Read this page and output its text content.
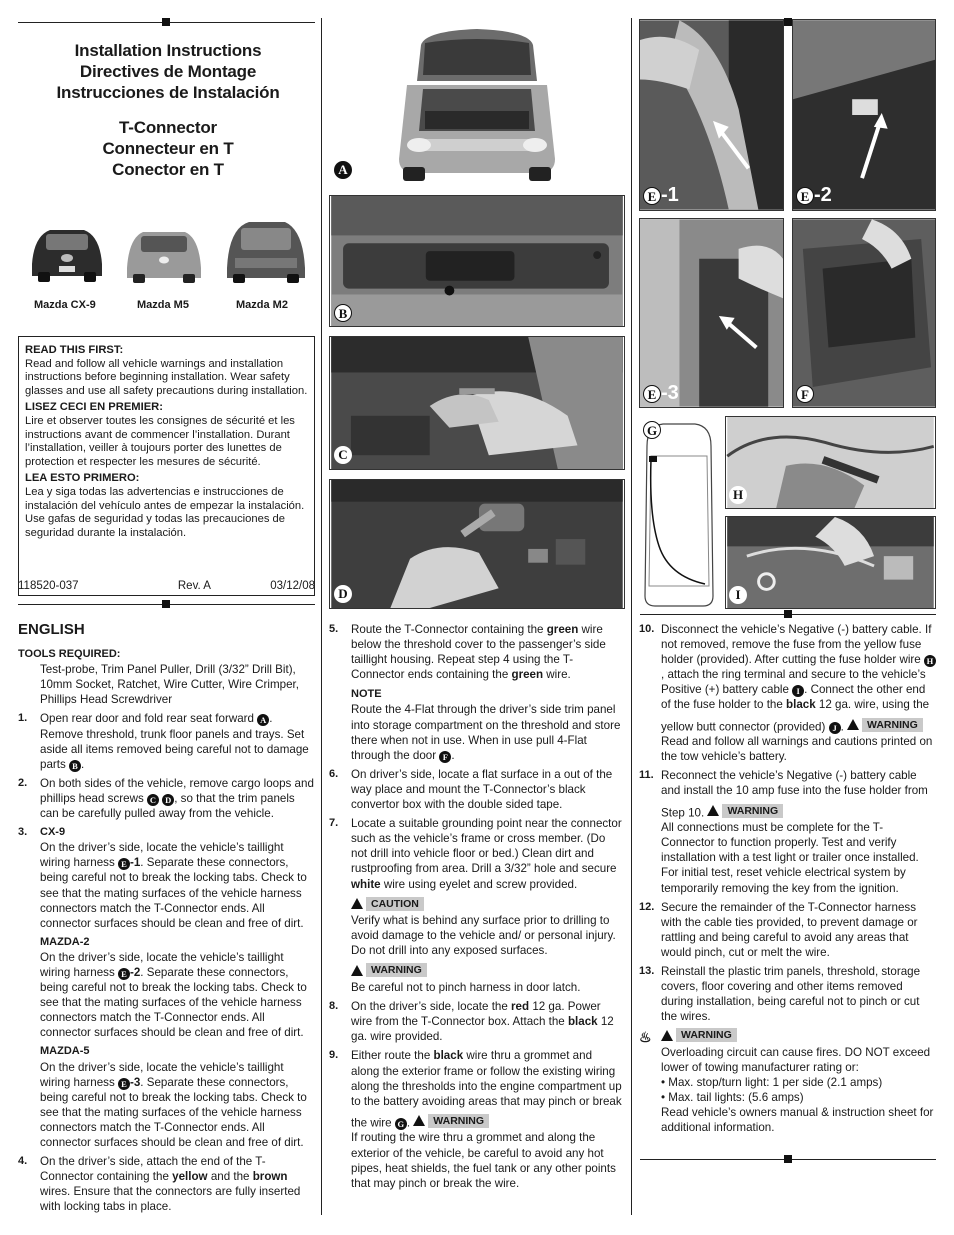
Installation Instructions
Directives de Montage
Instrucciones de Instalación
T-Connector
Connecteur en T
Conector en T
Mazda CX-9	Mazda M5	Mazda M2
READ THIS FIRST:
Read and follow all vehicle warnings and installation instructions before beginning installation. Wear safety glasses and use all safety precautions during installation.
LISEZ CECI EN PREMIER:
Lire et observer toutes les consignes de sécurité et les instructions avant de commencer l’installation. Durant l’installation, veiller à toujours porter des lunettes de protection et respecter les mesures de sécurité.
LEA ESTO PRIMERO:
Lea y siga todas las advertencias e instrucciones de instalación del vehículo antes de empezar la instalación. Use gafas de seguridad y todas las precauciones de seguridad durante la instalación.
118520-037	Rev. A	03/12/08
A
B
C
D
E -1	E -2
E -3	F
G
H
I
ENGLISH
TOOLS REQUIRED:
Test-probe, Trim Panel Puller, Drill (3/32” Drill Bit), 10mm Socket, Ratchet, Wire Cutter, Wire Crimper, Phillips Head Screwdriver
1. Open rear door and fold rear seat forward A . Remove threshold, trunk floor panels and trays. Set aside all items removed being careful not to damage parts B .
2. On both sides of the vehicle, remove cargo loops and phillips head screws C D , so that the trim panels can be carefully pulled away from the vehicle.
3. CX-9
On the driver’s side, locate the vehicle’s taillight wiring harness E -1. Separate these connectors, being careful not to break the locking tabs. Check to see that the mating surfaces of the vehicle harness connectors match the T-Connector ends. All connector surfaces should be clean and free of dirt.
MAZDA-2
On the driver’s side, locate the vehicle’s taillight wiring harness E -2. Separate these connectors, being careful not to break the locking tabs. Check to see that the mating surfaces of the vehicle harness connectors match the T-Connector ends. All connector surfaces should be clean and free of dirt.
MAZDA-5
On the driver’s side, locate the vehicle’s taillight wiring harness E -3. Separate these connectors, being careful not to break the locking tabs. Check to see that the mating surfaces of the vehicle harness connectors match the T-Connector ends. All connector surfaces should be clean and free of dirt.
4. On the driver’s side, attach the end of the T-Connector containing the yellow and the brown wires. Ensure that the connectors are fully inserted with locking tabs in place.
5. Route the T-Connector containing the green wire below the threshold cover to the passenger’s side taillight housing. Repeat step 4 using the T-Connector ends containing the green wire.
NOTE
Route the 4-Flat through the driver’s side trim panel into storage compartment on the threshold and store there when not in use. When in use pull 4-Flat through the door F .
6. On driver’s side, locate a flat surface in a out of the way place and mount the T-Connector’s black convertor box with the double sided tape.
7. Locate a suitable grounding point near the connector such as the vehicle’s frame or cross member. (Do not drill into vehicle floor or bed.) Clean dirt and rustproofing from area. Drill a 3/32” hole and secure white wire using eyelet and screw provided.
CAUTION
Verify what is behind any surface prior to drilling to avoid damage to the vehicle and/ or personal injury. Do not drill into any exposed surfaces.
WARNING
Be careful not to pinch harness in door latch.
8. On the driver’s side, locate the red 12 ga. Power wire from the T-Connector box. Attach the black 12 ga. wire provided.
9. Either route the black wire thru a grommet and along the exterior frame or follow the existing wiring along the thresholds into the engine compartment up to the battery avoiding areas that may pinch or break the wire G .	WARNING
If routing the wire thru a grommet and along the exterior of the vehicle, be careful to avoid any hot pipes, heat shields, the fuel tank or any other points that may pinch or break the wire.
10. Disconnect the vehicle’s Negative (-) battery cable. If not removed, remove the fuse from the yellow fuse holder (provided). After cutting the fuse holder wire H, attach the ring terminal and secure to the vehicle’s Positive (+) battery cable I . Connect the other end of the fuse holder to the black 12 ga. wire, using the yellow butt connector (provided) J .	WARNING
Read and follow all warnings and cautions printed on the tow vehicle’s battery.
11. Reconnect the vehicle’s Negative (-) battery cable and install the 10 amp fuse into the fuse holder from Step 10.	WARNING
All connections must be complete for the T-Connector to function properly. Test and verify installation with a test light or trailer once installed. For initial test, reset vehicle electrical system by temporarily removing the key from the ignition.
12. Secure the remainder of the T-Connector harness with the cable ties provided, to prevent damage or rattling and being careful to avoid any areas that would pinch, cut or melt the wire.
13. Reinstall the plastic trim panels, threshold, storage covers, floor covering and other items removed during installation, being careful not to pinch or cut the wires.
♨	WARNING
Overloading circuit can cause fires. DO NOT exceed lower of towing manufacturer rating or:
• Max. stop/turn light: 1 per side (2.1 amps)
• Max. tail lights: (5.6 amps)
Read vehicle’s owners manual & instruction sheet for additional information.
